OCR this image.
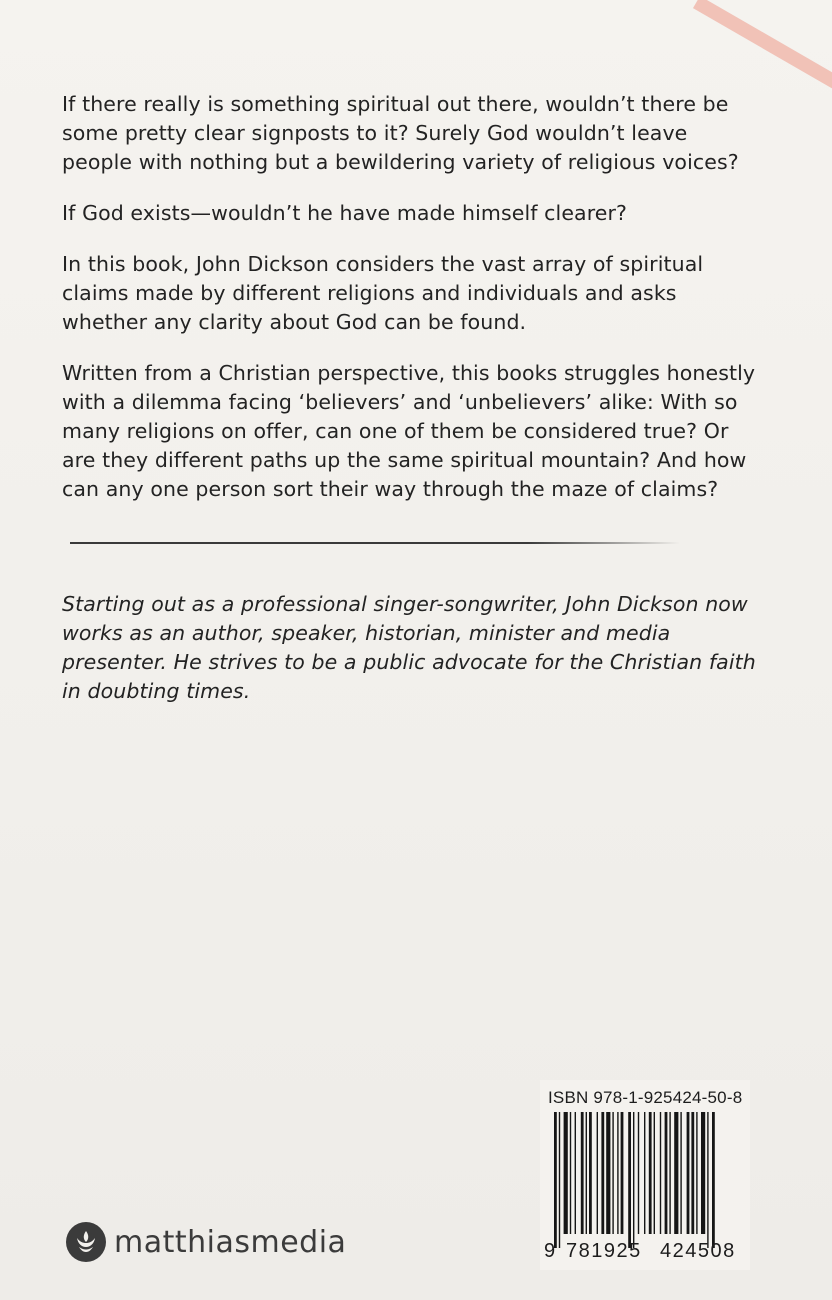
If there really is something spiritual out there, wouldn’t there be some pretty clear signposts to it? Surely God wouldn’t leave people with nothing but a bewildering variety of religious voices?

If God exists—wouldn’t he have made himself clearer?

In this book, John Dickson considers the vast array of spiritual claims made by different religions and individuals and asks whether any clarity about God can be found.

Written from a Christian perspective, this books struggles honestly with a dilemma facing ‘believers’ and ‘unbelievers’ alike: With so many religions on offer, can one of them be considered true? Or are they different paths up the same spiritual mountain? And how can any one person sort their way through the maze of claims?

Starting out as a professional singer-songwriter, John Dickson now works as an author, speaker, historian, minister and media presenter. He strives to be a public advocate for the Christian faith in doubting times.

matthiasmedia
ISBN 978-1-925424-50-8
9 781925 424508
